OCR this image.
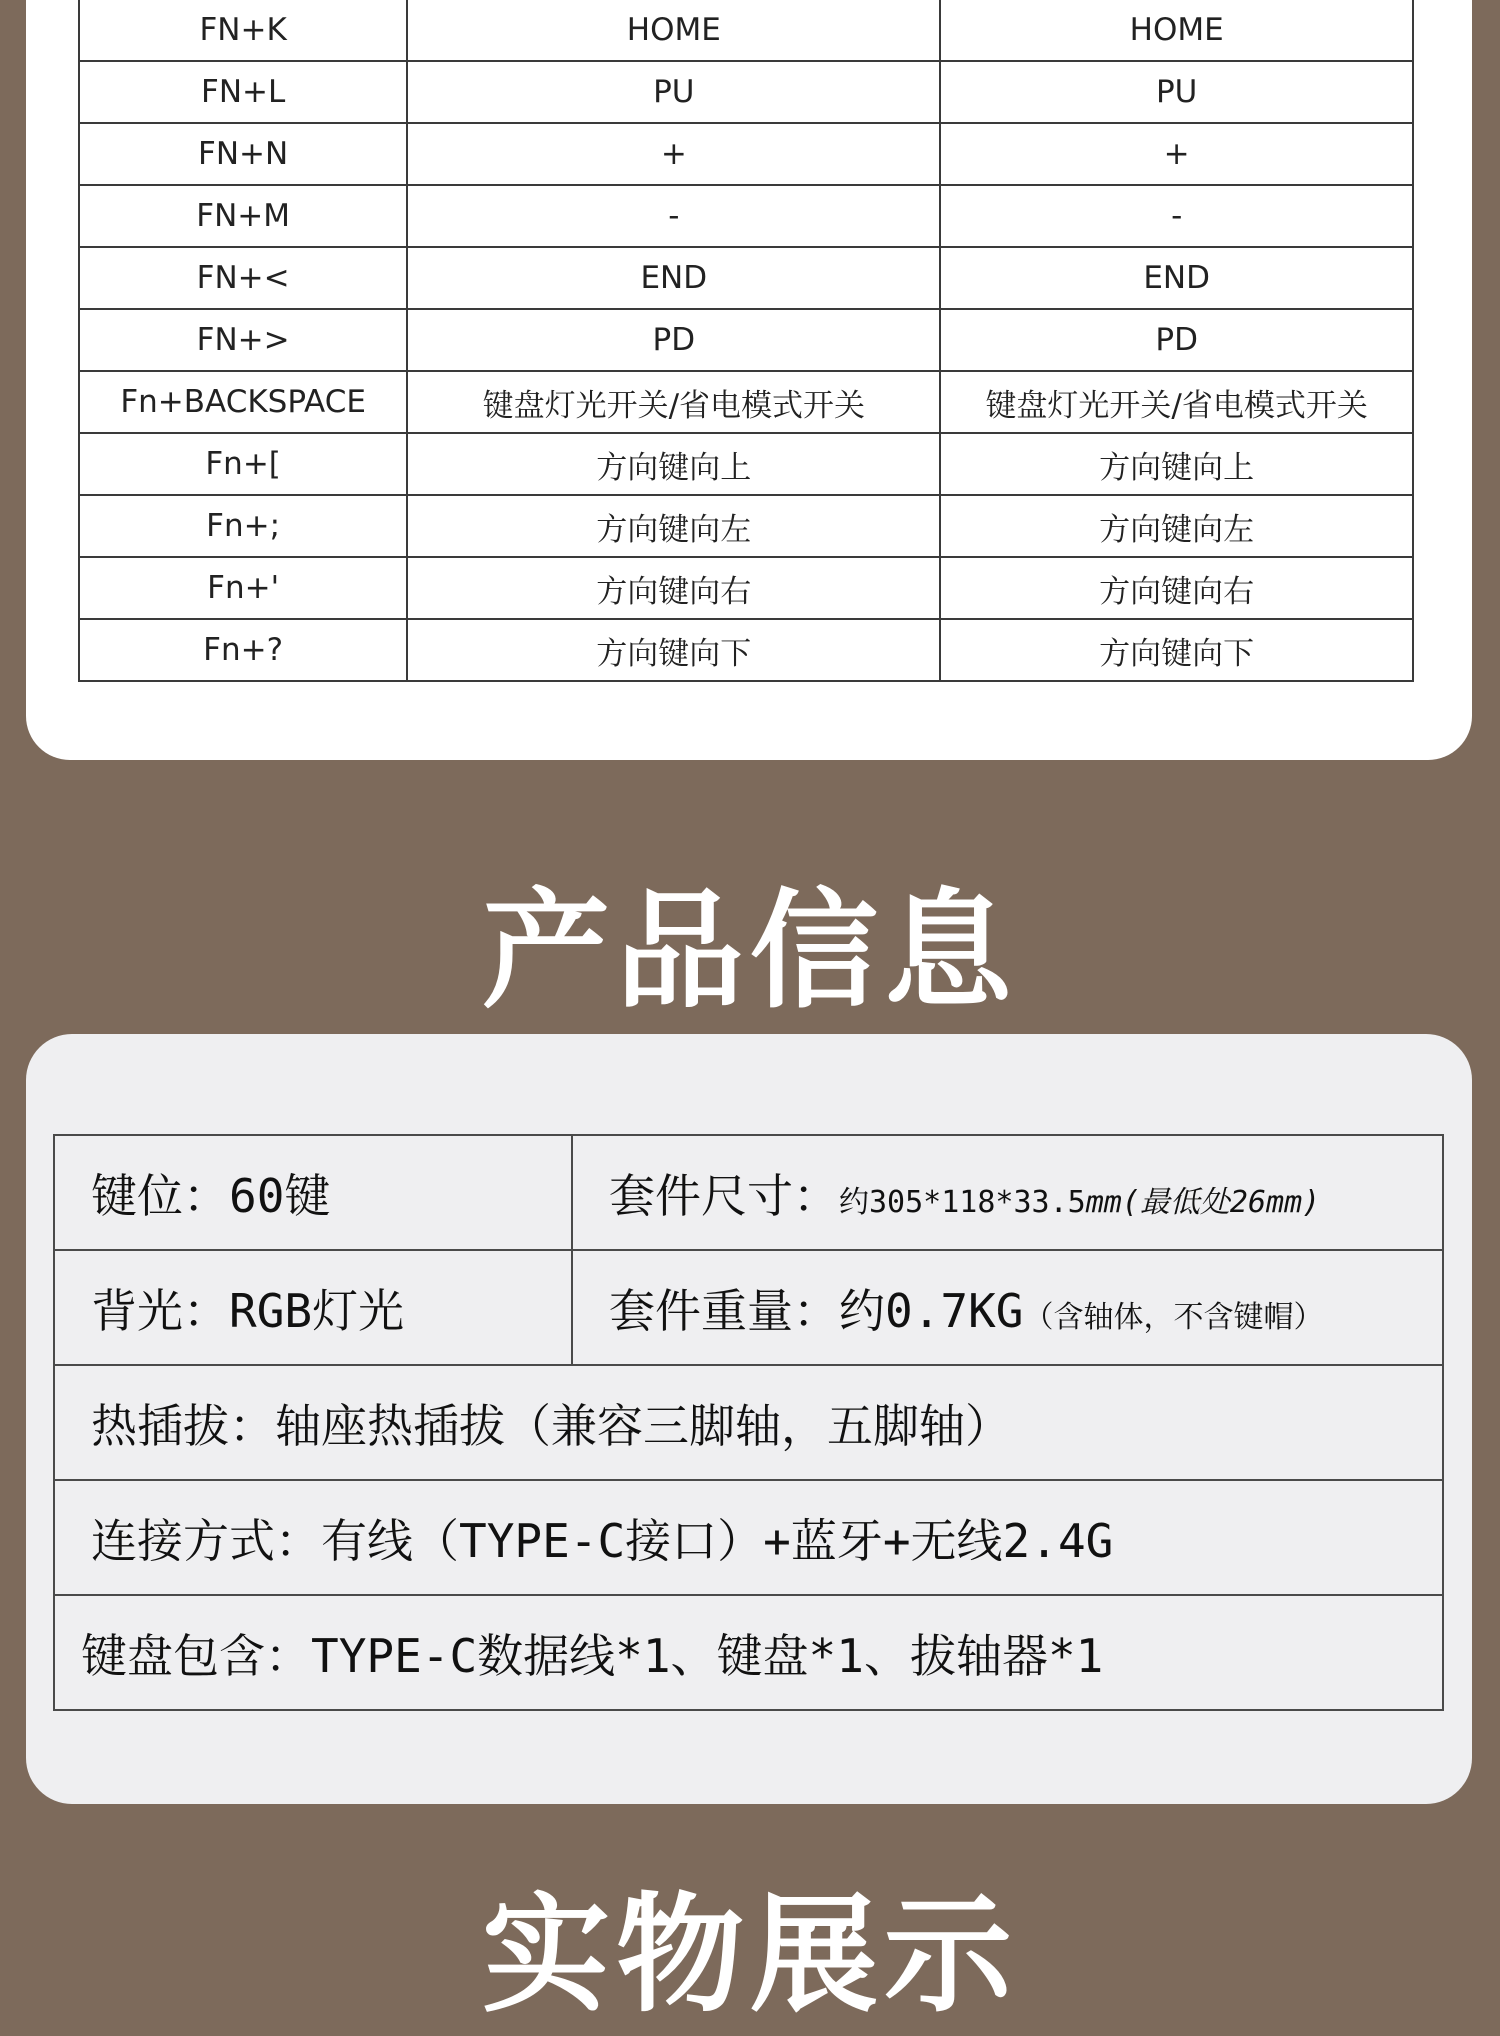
FN+K	HOME	HOME
FN+L	PU	PU
FN+N	+	+
FN+M	-	-
FN+<	END	END
FN+>	PD	PD
Fn+BACKSPACE	键盘灯光开关/省电模式开关	键盘灯光开关/省电模式开关
Fn+[	方向键向上	方向键向上
Fn+;	方向键向左	方向键向左
Fn+'	方向键向右	方向键向右
Fn+?	方向键向下	方向键向下
产品信息
键位：60键	套件尺寸：约305*118*33.5mm(最低处26mm)
背光：RGB灯光	套件重量：约0.7KG（含轴体，不含键帽）
热插拔：轴座热插拔（兼容三脚轴，五脚轴）	
连接方式：有线（TYPE-C接口）+蓝牙+无线2.4G	
键盘包含：TYPE-C数据线*1、键盘*1、拔轴器*1	
实物展示
